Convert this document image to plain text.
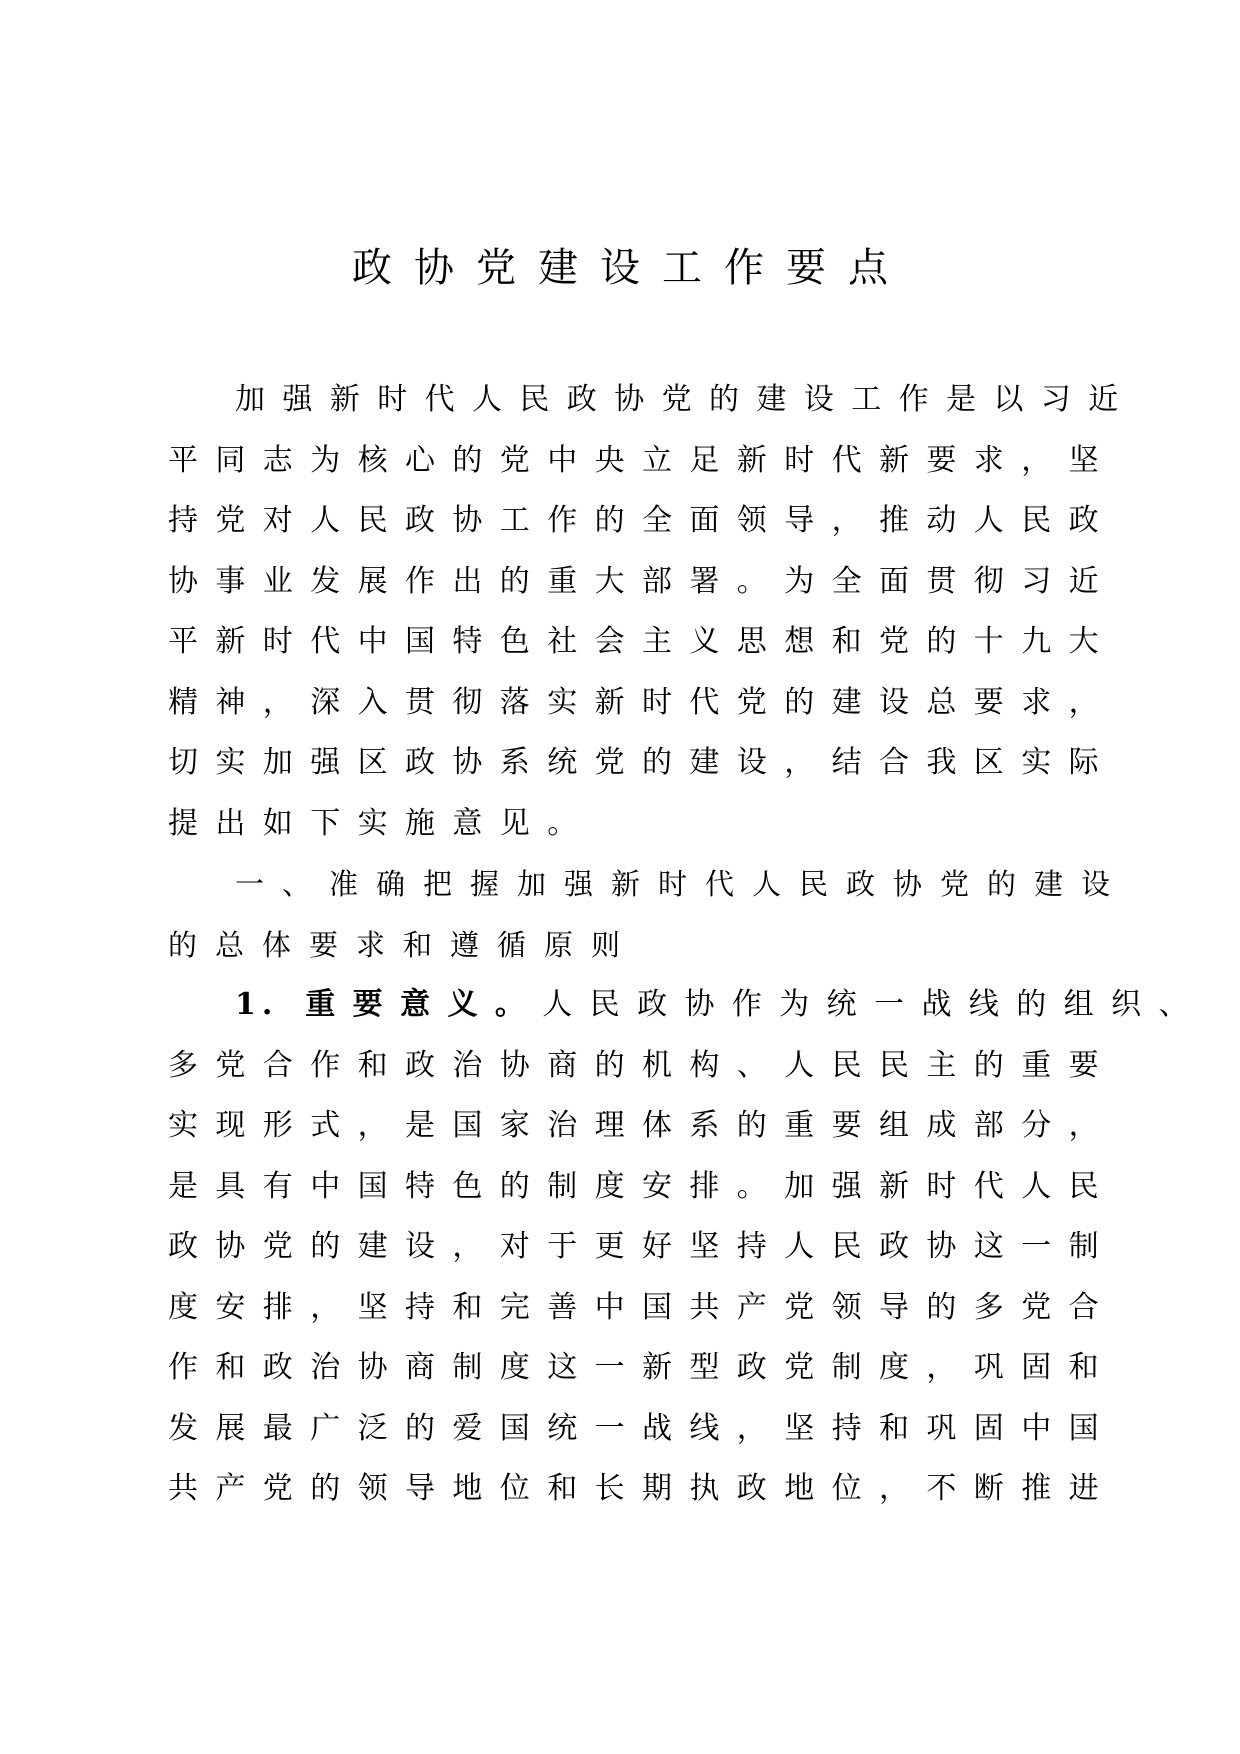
政协党建设工作要点
加强新时代人民政协党的建设工作是以习近
平同志为核心的党中央立足新时代新要求，坚
持党对人民政协工作的全面领导，推动人民政
协事业发展作出的重大部署。为全面贯彻习近
平新时代中国特色社会主义思想和党的十九大
精神，深入贯彻落实新时代党的建设总要求，
切实加强区政协系统党的建设，结合我区实际
提出如下实施意见。
一、准确把握加强新时代人民政协党的建设
的总体要求和遵循原则
1. 重要意义。人民政协作为统一战线的组织、
多党合作和政治协商的机构、人民民主的重要
实现形式，是国家治理体系的重要组成部分，
是具有中国特色的制度安排。加强新时代人民
政协党的建设，对于更好坚持人民政协这一制
度安排，坚持和完善中国共产党领导的多党合
作和政治协商制度这一新型政党制度，巩固和
发展最广泛的爱国统一战线，坚持和巩固中国
共产党的领导地位和长期执政地位，不断推进
